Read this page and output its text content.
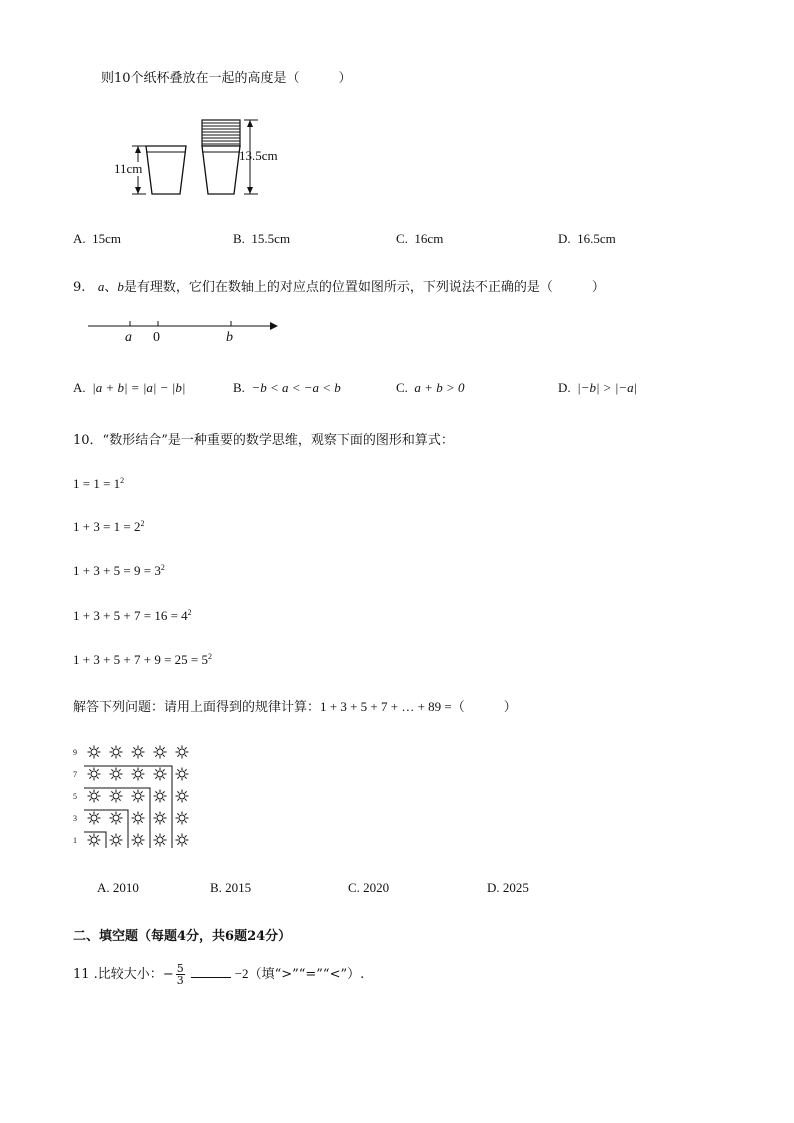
则10个纸杯叠放在一起的高度是（　　　）
11cm
13.5cm
A. 15cm	B. 15.5cm	C. 16cm	D. 16.5cm
9. a、b是有理数，它们在数轴上的对应点的位置如图所示，下列说法不正确的是（　　　）
a 0	b
A. |a + b| = |a| − |b|	B. −b < a < −a < b	C. a + b > 0	D. |−b| > |−a|
10．“数形结合”是一种重要的数学思维，观察下面的图形和算式：
$1 = 1 = 1^2$
$1 + 3 = 1 = 2^2$
$1 + 3 + 5 = 9 = 3^2$
$1 + 3 + 5 + 7 = 16 = 4^2$
$1 + 3 + 5 + 7 + 9 = 25 = 5^2$
解答下列问题：请用上面得到的规律计算：1 + 3 + 5 + 7 + … + 89 =（　　　）
9
7
5
3
1
A. 2010	B. 2015	C. 2020	D. 2025
二、填空题（每题4分，共6题24分）
11 .比较大小：− $\frac{5}{3}$	−2（填“>”“=”“<”）.
